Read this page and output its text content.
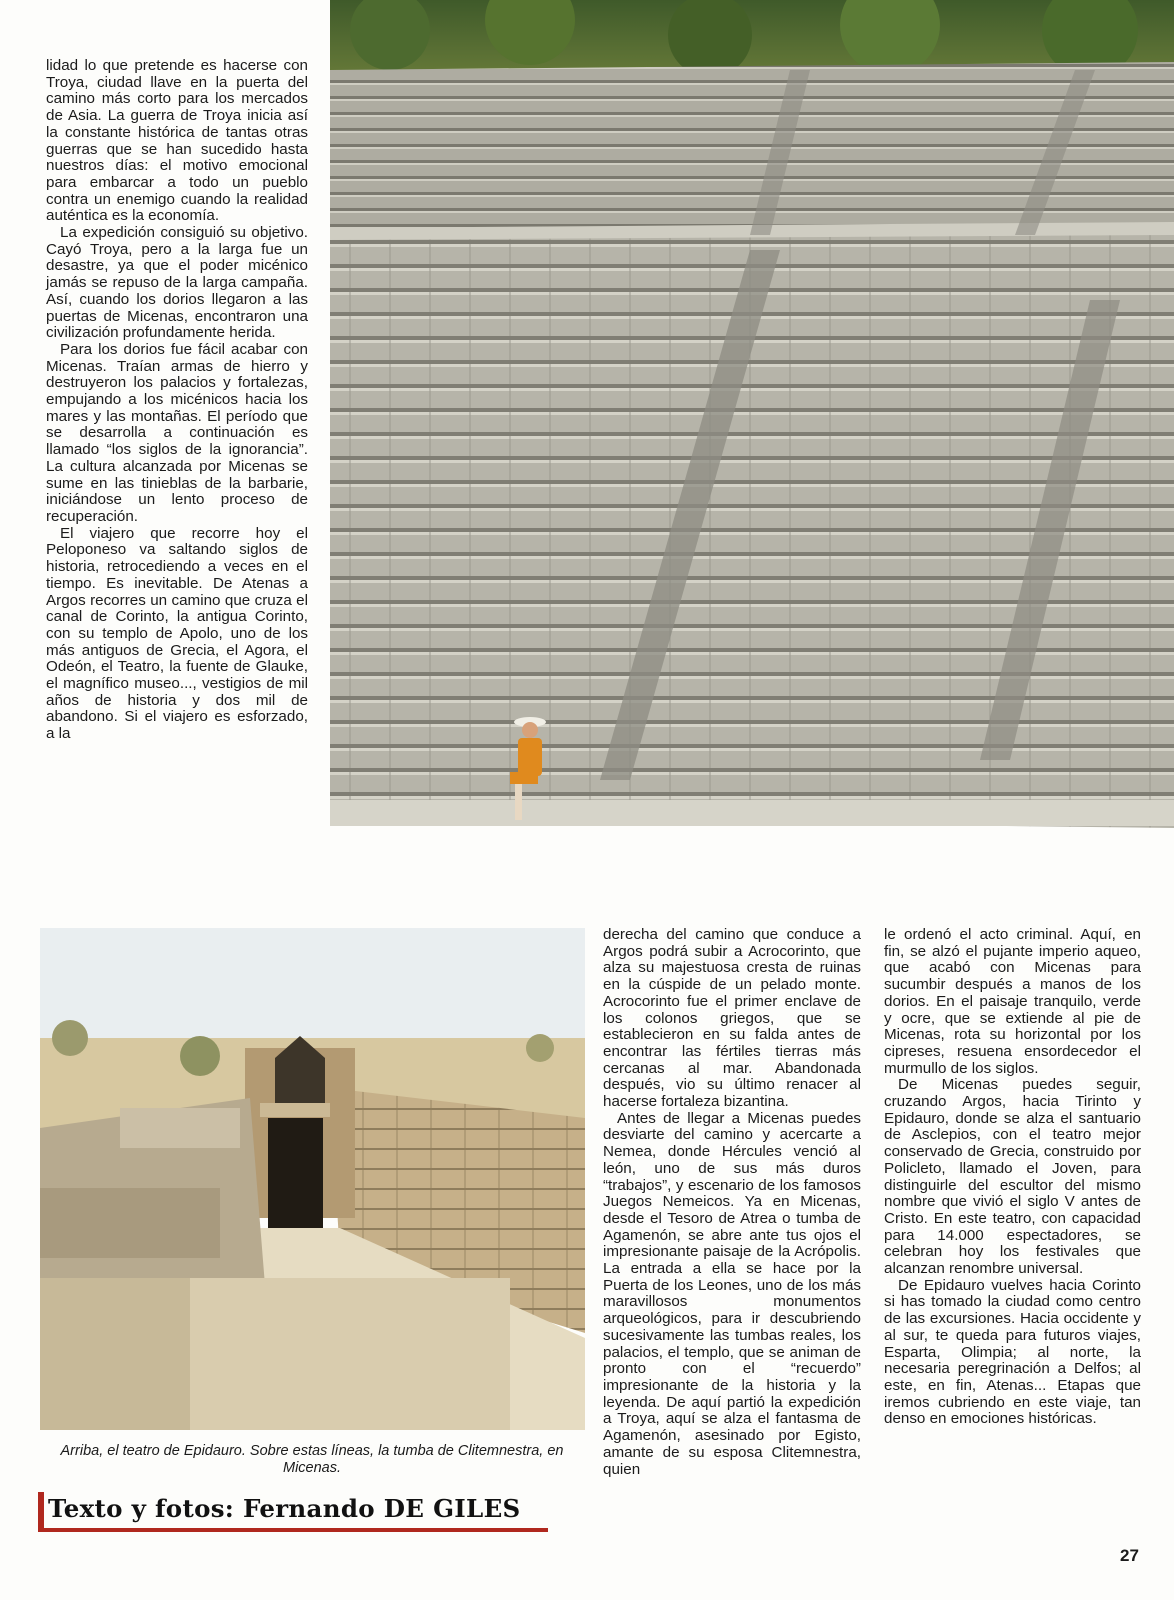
lidad lo que pretende es hacerse con Troya, ciudad llave en la puerta del camino más corto para los mercados de Asia. La guerra de Troya inicia así la constante histórica de tantas otras guerras que se han sucedido hasta nuestros días: el motivo emocional para embarcar a todo un pueblo contra un enemigo cuando la realidad auténtica es la economía.

La expedición consiguió su objetivo. Cayó Troya, pero a la larga fue un desastre, ya que el poder micénico jamás se repuso de la larga campaña. Así, cuando los dorios llegaron a las puertas de Micenas, encontraron una civilización profundamente herida.

Para los dorios fue fácil acabar con Micenas. Traían armas de hierro y destruyeron los palacios y fortalezas, empujando a los micénicos hacia los mares y las montañas. El período que se desarrolla a continuación es llamado “los siglos de la ignorancia”. La cultura alcanzada por Micenas se sume en las tinieblas de la barbarie, iniciándose un lento proceso de recuperación.

El viajero que recorre hoy el Peloponeso va saltando siglos de historia, retrocediendo a veces en el tiempo. Es inevitable. De Atenas a Argos recorres un camino que cruza el canal de Corinto, la antigua Corinto, con su templo de Apolo, uno de los más antiguos de Grecia, el Agora, el Odeón, el Teatro, la fuente de Glauke, el magnífico museo..., vestigios de mil años de historia y dos mil de abandono. Si el viajero es esforzado, a la

Arriba, el teatro de Epidauro. Sobre estas líneas, la tumba de Clitemnestra, en Micenas.
Texto y fotos: Fernando DE GILES

derecha del camino que conduce a Argos podrá subir a Acrocorinto, que alza su majestuosa cresta de ruinas en la cúspide de un pelado monte. Acrocorinto fue el primer enclave de los colonos griegos, que se establecieron en su falda antes de encontrar las fértiles tierras más cercanas al mar. Abandonada después, vio su último renacer al hacerse fortaleza bizantina.

Antes de llegar a Micenas puedes desviarte del camino y acercarte a Nemea, donde Hércules venció al león, uno de sus más duros “trabajos”, y escenario de los famosos Juegos Nemeicos. Ya en Micenas, desde el Tesoro de Atrea o tumba de Agamenón, se abre ante tus ojos el impresionante paisaje de la Acrópolis. La entrada a ella se hace por la Puerta de los Leones, uno de los más maravillosos monumentos arqueológicos, para ir descubriendo sucesivamente las tumbas reales, los palacios, el templo, que se animan de pronto con el “recuerdo” impresionante de la historia y la leyenda. De aquí partió la expedición a Troya, aquí se alza el fantasma de Agamenón, asesinado por Egisto, amante de su esposa Clitemnestra, quien

le ordenó el acto criminal. Aquí, en fin, se alzó el pujante imperio aqueo, que acabó con Micenas para sucumbir después a manos de los dorios. En el paisaje tranquilo, verde y ocre, que se extiende al pie de Micenas, rota su horizontal por los cipreses, resuena ensordecedor el murmullo de los siglos.

De Micenas puedes seguir, cruzando Argos, hacia Tirinto y Epidauro, donde se alza el santuario de Asclepios, con el teatro mejor conservado de Grecia, construido por Policleto, llamado el Joven, para distinguirle del escultor del mismo nombre que vivió el siglo V antes de Cristo. En este teatro, con capacidad para 14.000 espectadores, se celebran hoy los festivales que alcanzan renombre universal.

De Epidauro vuelves hacia Corinto si has tomado la ciudad como centro de las excursiones. Hacia occidente y al sur, te queda para futuros viajes, Esparta, Olimpia; al norte, la necesaria peregrinación a Delfos; al este, en fin, Atenas... Etapas que iremos cubriendo en este viaje, tan denso en emociones históricas.

27
